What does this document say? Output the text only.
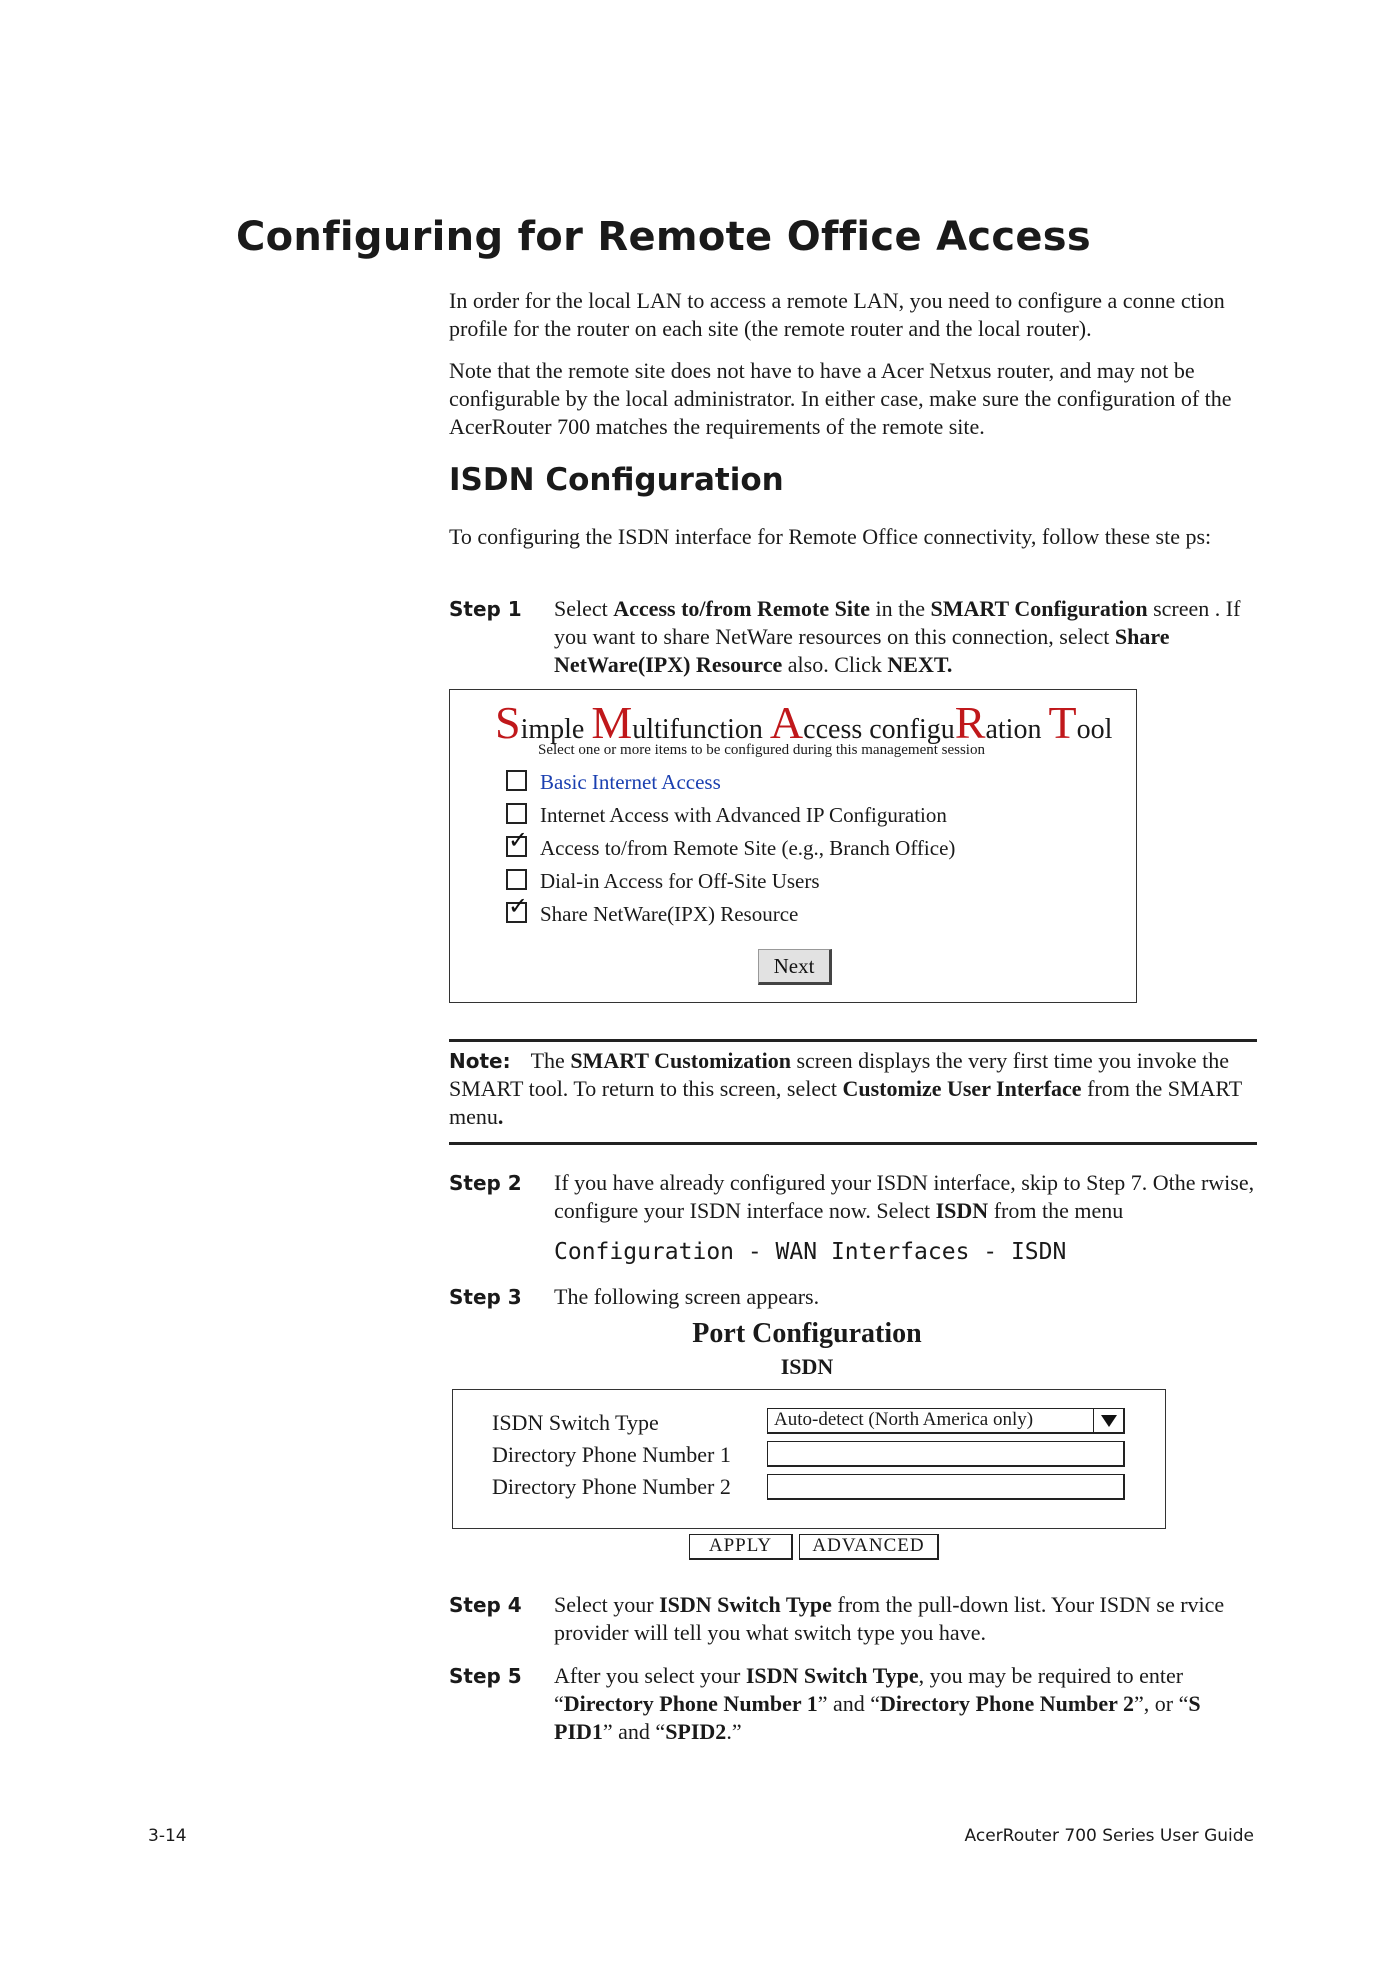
Configuring for Remote Office Access
In order for the local LAN to access a remote LAN, you need to configure a conne ction profile for the router on each site (the remote router and the local router).
Note that the remote site does not have to have a Acer Netxus router, and may not be configurable by the local administrator. In either case, make sure the configuration of the AcerRouter 700 matches the requirements of the remote site.
ISDN Configuration
To configuring the ISDN interface for Remote Office connectivity, follow these ste ps:
Step 1 Select Access to/from Remote Site in the SMART Configuration screen . If you want to share NetWare resources on this connection, select Share NetWare(IPX) Resource also. Click NEXT.
Simple Multifunction Access configuRation Tool
Select one or more items to be configured during this management session
Basic Internet Access
Internet Access with Advanced IP Configuration
✓ Access to/from Remote Site (e.g., Branch Office)
Dial-in Access for Off-Site Users
✓ Share NetWare(IPX) Resource
Next
Note: The SMART Customization screen displays the very first time you invoke the SMART tool. To return to this screen, select Customize User Interface from the SMART menu.
Step 2 If you have already configured your ISDN interface, skip to Step 7. Othe rwise, configure your ISDN interface now. Select ISDN from the menu
Configuration - WAN Interfaces - ISDN
Step 3 The following screen appears.
Port Configuration
ISDN
ISDN Switch Type	Auto-detect (North America only)
Directory Phone Number 1
Directory Phone Number 2
APPLY	ADVANCED
Step 4 Select your ISDN Switch Type from the pull-down list. Your ISDN se rvice provider will tell you what switch type you have.
Step 5 After you select your ISDN Switch Type, you may be required to enter “Directory Phone Number 1” and “Directory Phone Number 2”, or “S PID1” and “SPID2.”
3-14	AcerRouter 700 Series User Guide
